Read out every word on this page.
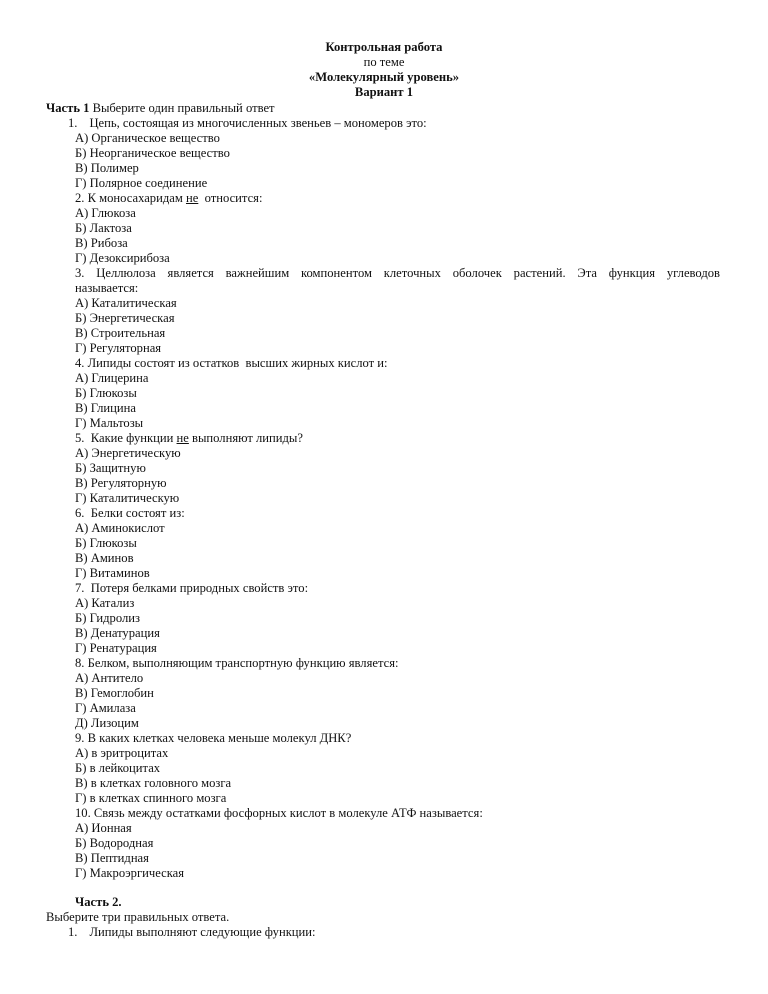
Контрольная работа
по теме
«Молекулярный уровень»
Вариант 1
Часть 1 Выберите один правильный ответ
1. Цепь, состоящая из многочисленных звеньев – мономеров это:
А) Органическое вещество
Б) Неорганическое вещество
В) Полимер
Г) Полярное соединение
2. К моносахаридам не  относится:
А) Глюкоза
Б) Лактоза
В) Рибоза
Г) Дезоксирибоза
3. Целлюлоза является важнейшим компонентом клеточных оболочек растений. Эта функция углеводов
называется:
А) Каталитическая
Б) Энергетическая
В) Строительная
Г) Регуляторная
4. Липиды состоят из остатков  высших жирных кислот и:
А) Глицерина
Б) Глюкозы
В) Глицина
Г) Мальтозы
5.  Какие функции не выполняют липиды?
А) Энергетическую
Б) Защитную
В) Регуляторную
Г) Каталитическую
6.  Белки состоят из:
А) Аминокислот
Б) Глюкозы
В) Аминов
Г) Витаминов
7.  Потеря белками природных свойств это:
А) Катализ
Б) Гидролиз
В) Денатурация
Г) Ренатурация
8. Белком, выполняющим транспортную функцию является:
А) Антитело
В) Гемоглобин
Г) Амилаза
Д) Лизоцим
9. В каких клетках человека меньше молекул ДНК?
А) в эритроцитах
Б) в лейкоцитах
В) в клетках головного мозга
Г) в клетках спинного мозга
10. Связь между остатками фосфорных кислот в молекуле АТФ называется:
А) Ионная
Б) Водородная
В) Пептидная
Г) Макроэргическая
Часть 2.
Выберите три правильных ответа.
1. Липиды выполняют следующие функции:
